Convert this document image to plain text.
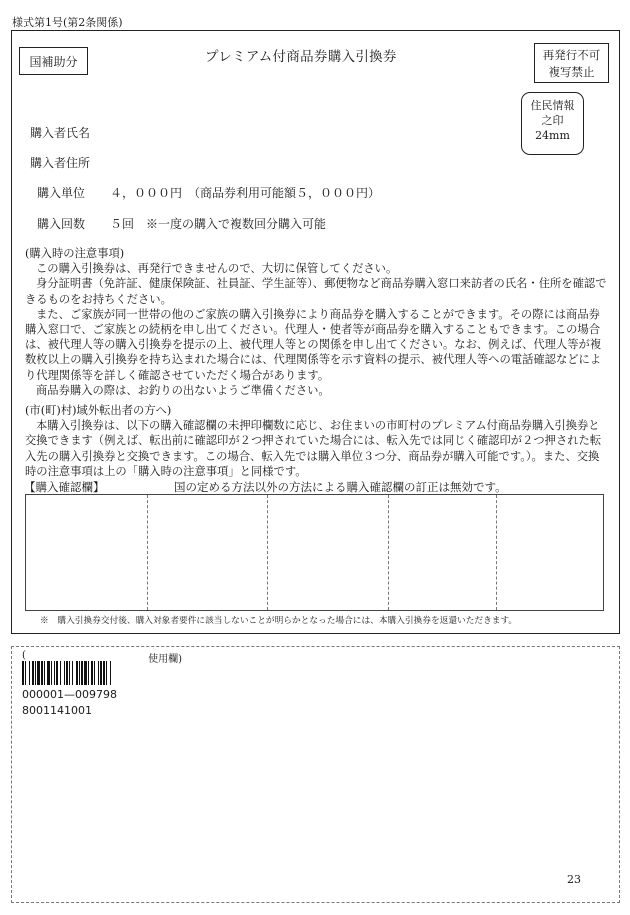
様式第1号(第2条関係)
国補助分	プレミアム付商品券購入引換券	再発行不可
複写禁止
住民情報
之印
24mm
購入者氏名
購入者住所
購入単位 ４，０００円　（商品券利用可能額５，０００円）
購入回数 ５回　※一度の購入で複数回分購入可能

(購入時の注意事項)

この購入引換券は、再発行できませんので、大切に保管してください。

身分証明書（免許証、健康保険証、社員証、学生証等）、郵便物など商品券購入窓口来訪者の氏名・住所を確認できるものをお持ちください。

また、ご家族が同一世帯の他のご家族の購入引換券により商品券を購入することができます。その際には商品券購入窓口で、ご家族との続柄を申し出てください。代理人・使者等が商品券を購入することもできます。この場合は、被代理人等の購入引換券を提示の上、被代理人等との関係を申し出てください。なお、例えば、代理人等が複数枚以上の購入引換券を持ち込まれた場合には、代理関係等を示す資料の提示、被代理人等への電話確認などにより代理関係等を詳しく確認させていただく場合があります。

商品券購入の際は、お釣りの出ないようご準備ください。

(市(町)村)域外転出者の方へ)

本購入引換券は、以下の購入確認欄の未押印欄数に応じ、お住まいの市町村のプレミアム付商品券購入引換券と交換できます（例えば、転出前に確認印が２つ押されていた場合には、転入先では同じく確認印が２つ押された転入先の購入引換券と交換できます。この場合、転入先では購入単位３つ分、商品券が購入可能です。）。また、交換時の注意事項は上の「購入時の注意事項」と同様です。

【購入確認欄】	国の定める方法以外の方法による購入確認欄の訂正は無効です。
※　購入引換券交付後、購入対象者要件に該当しないことが明らかとなった場合には、本購入引換券を返還いただきます。
(	使用欄)
000001—009798
8001141001
23
